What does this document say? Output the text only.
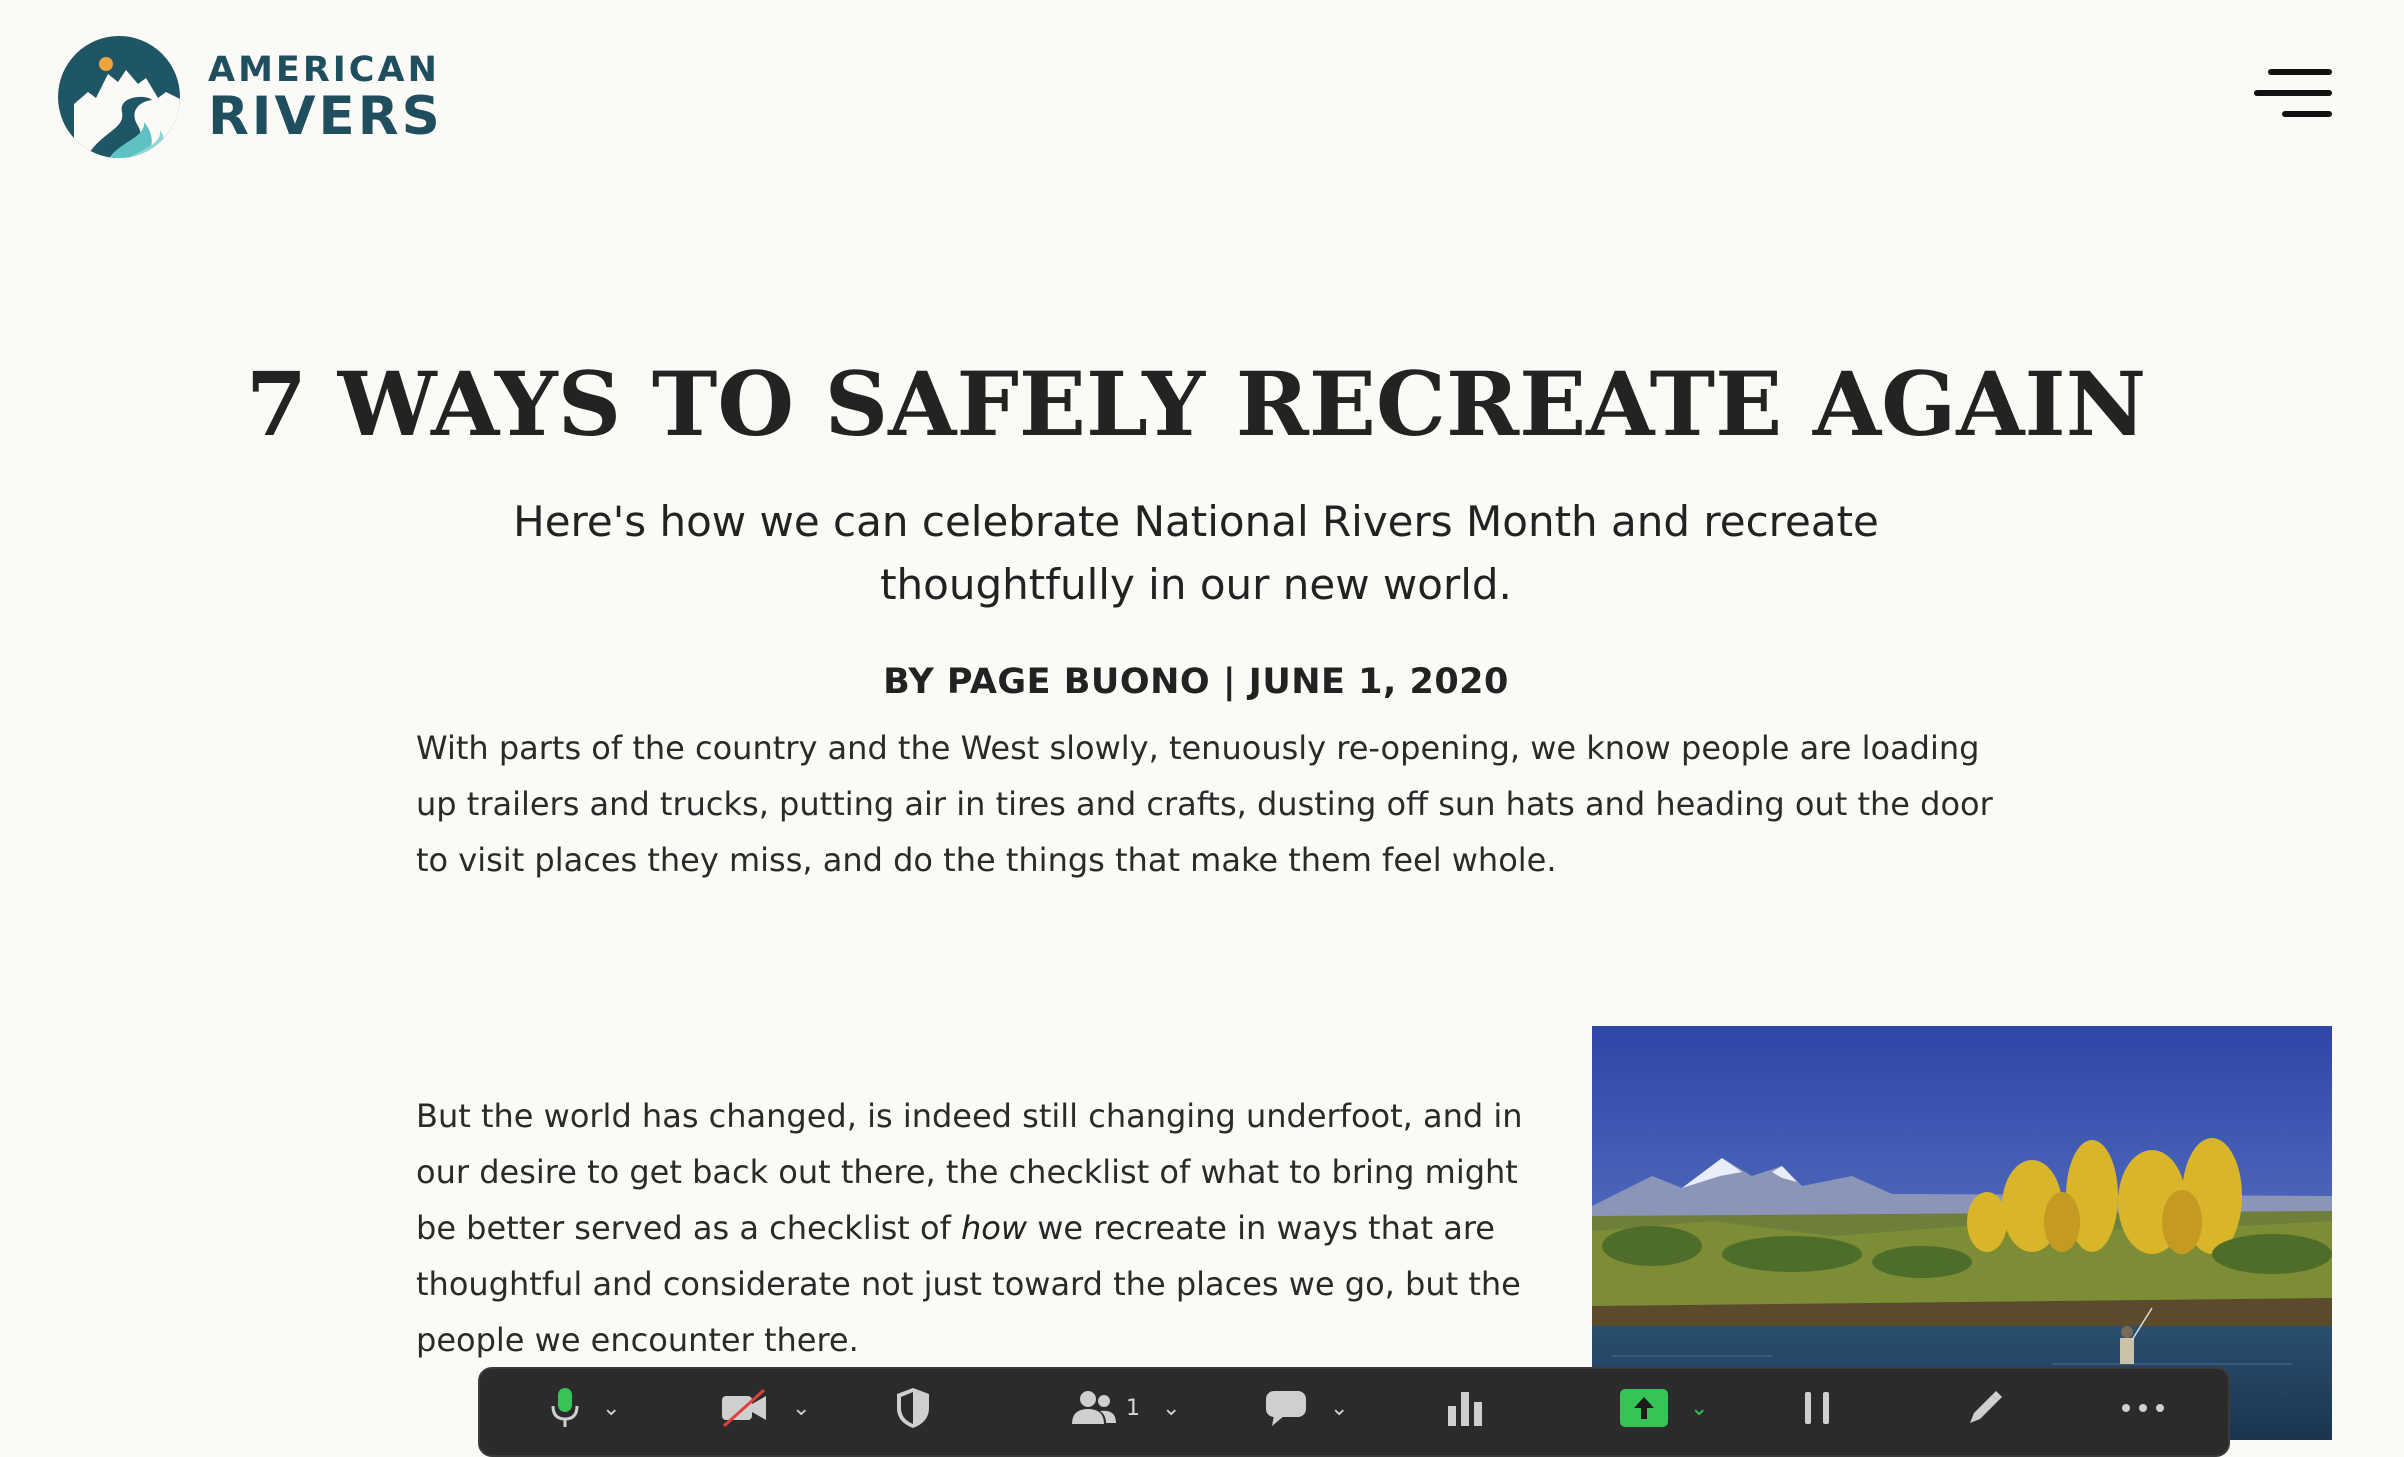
AMERICAN
RIVERS
7 WAYS TO SAFELY RECREATE AGAIN

Here's how we can celebrate National Rivers Month and recreate thoughtfully in our new world.

BY PAGE BUONO | JUNE 1, 2020

With parts of the country and the West slowly, tenuously re-opening, we know people are loading up trailers and trucks, putting air in tires and crafts, dusting off sun hats and heading out the door to visit places they miss, and do the things that make them feel whole.

But the world has changed, is indeed still changing underfoot, and in our desire to get back out there, the checklist of what to bring might be better served as a checklist of how we recreate in ways that are thoughtful and considerate not just toward the places we go, but the people we encounter there.

⌄	⌄	1 ⌄	⌄	⌄
